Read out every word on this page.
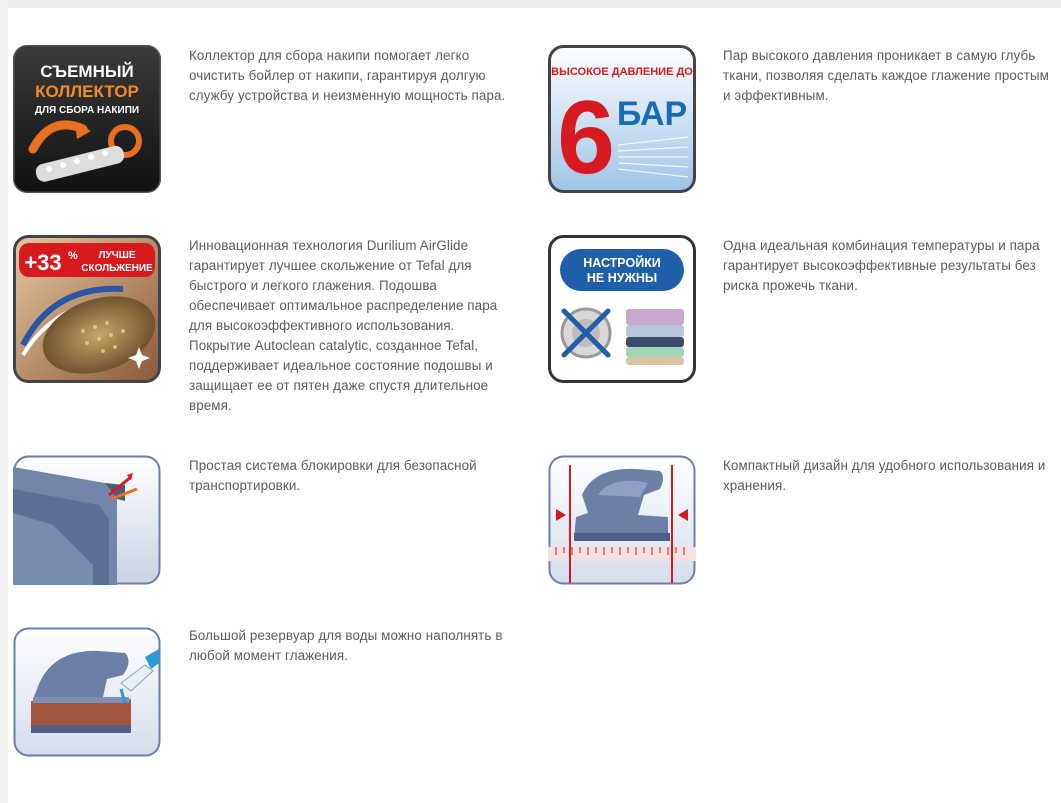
СЪЕМНЫЙ
КОЛЛЕКТОР
ДЛЯ СБОРА НАКИПИ
Коллектор для сбора накипи помогает легко очистить бойлер от накипи, гарантируя долгую службу устройства и неизменную мощность пара.
ВЫСОКОЕ ДАВЛЕНИЕ ДО
6 БАР
Пар высокого давления проникает в самую глубь ткани, позволяя сделать каждое глажение простым и эффективным.
+33 % ЛУЧШЕ
СКОЛЬЖЕНИЕ
Инновационная технология Durilium AirGlide гарантирует лучшее скольжение от Tefal для быстрого и легкого глажения. Подошва обеспечивает оптимальное распределение пара для высокоэффективного использования. Покрытие Autoclean catalytic, созданное Tefal, поддерживает идеальное состояние подошвы и защищает ее от пятен даже спустя длительное время.
НАСТРОЙКИ
НЕ НУЖНЫ
Одна идеальная комбинация температуры и пара гарантирует высокоэффективные результаты без риска прожечь ткани.
Простая система блокировки для безопасной транспортировки.
Компактный дизайн для удобного использования и хранения.
Большой резервуар для воды можно наполнять в любой момент глажения.
